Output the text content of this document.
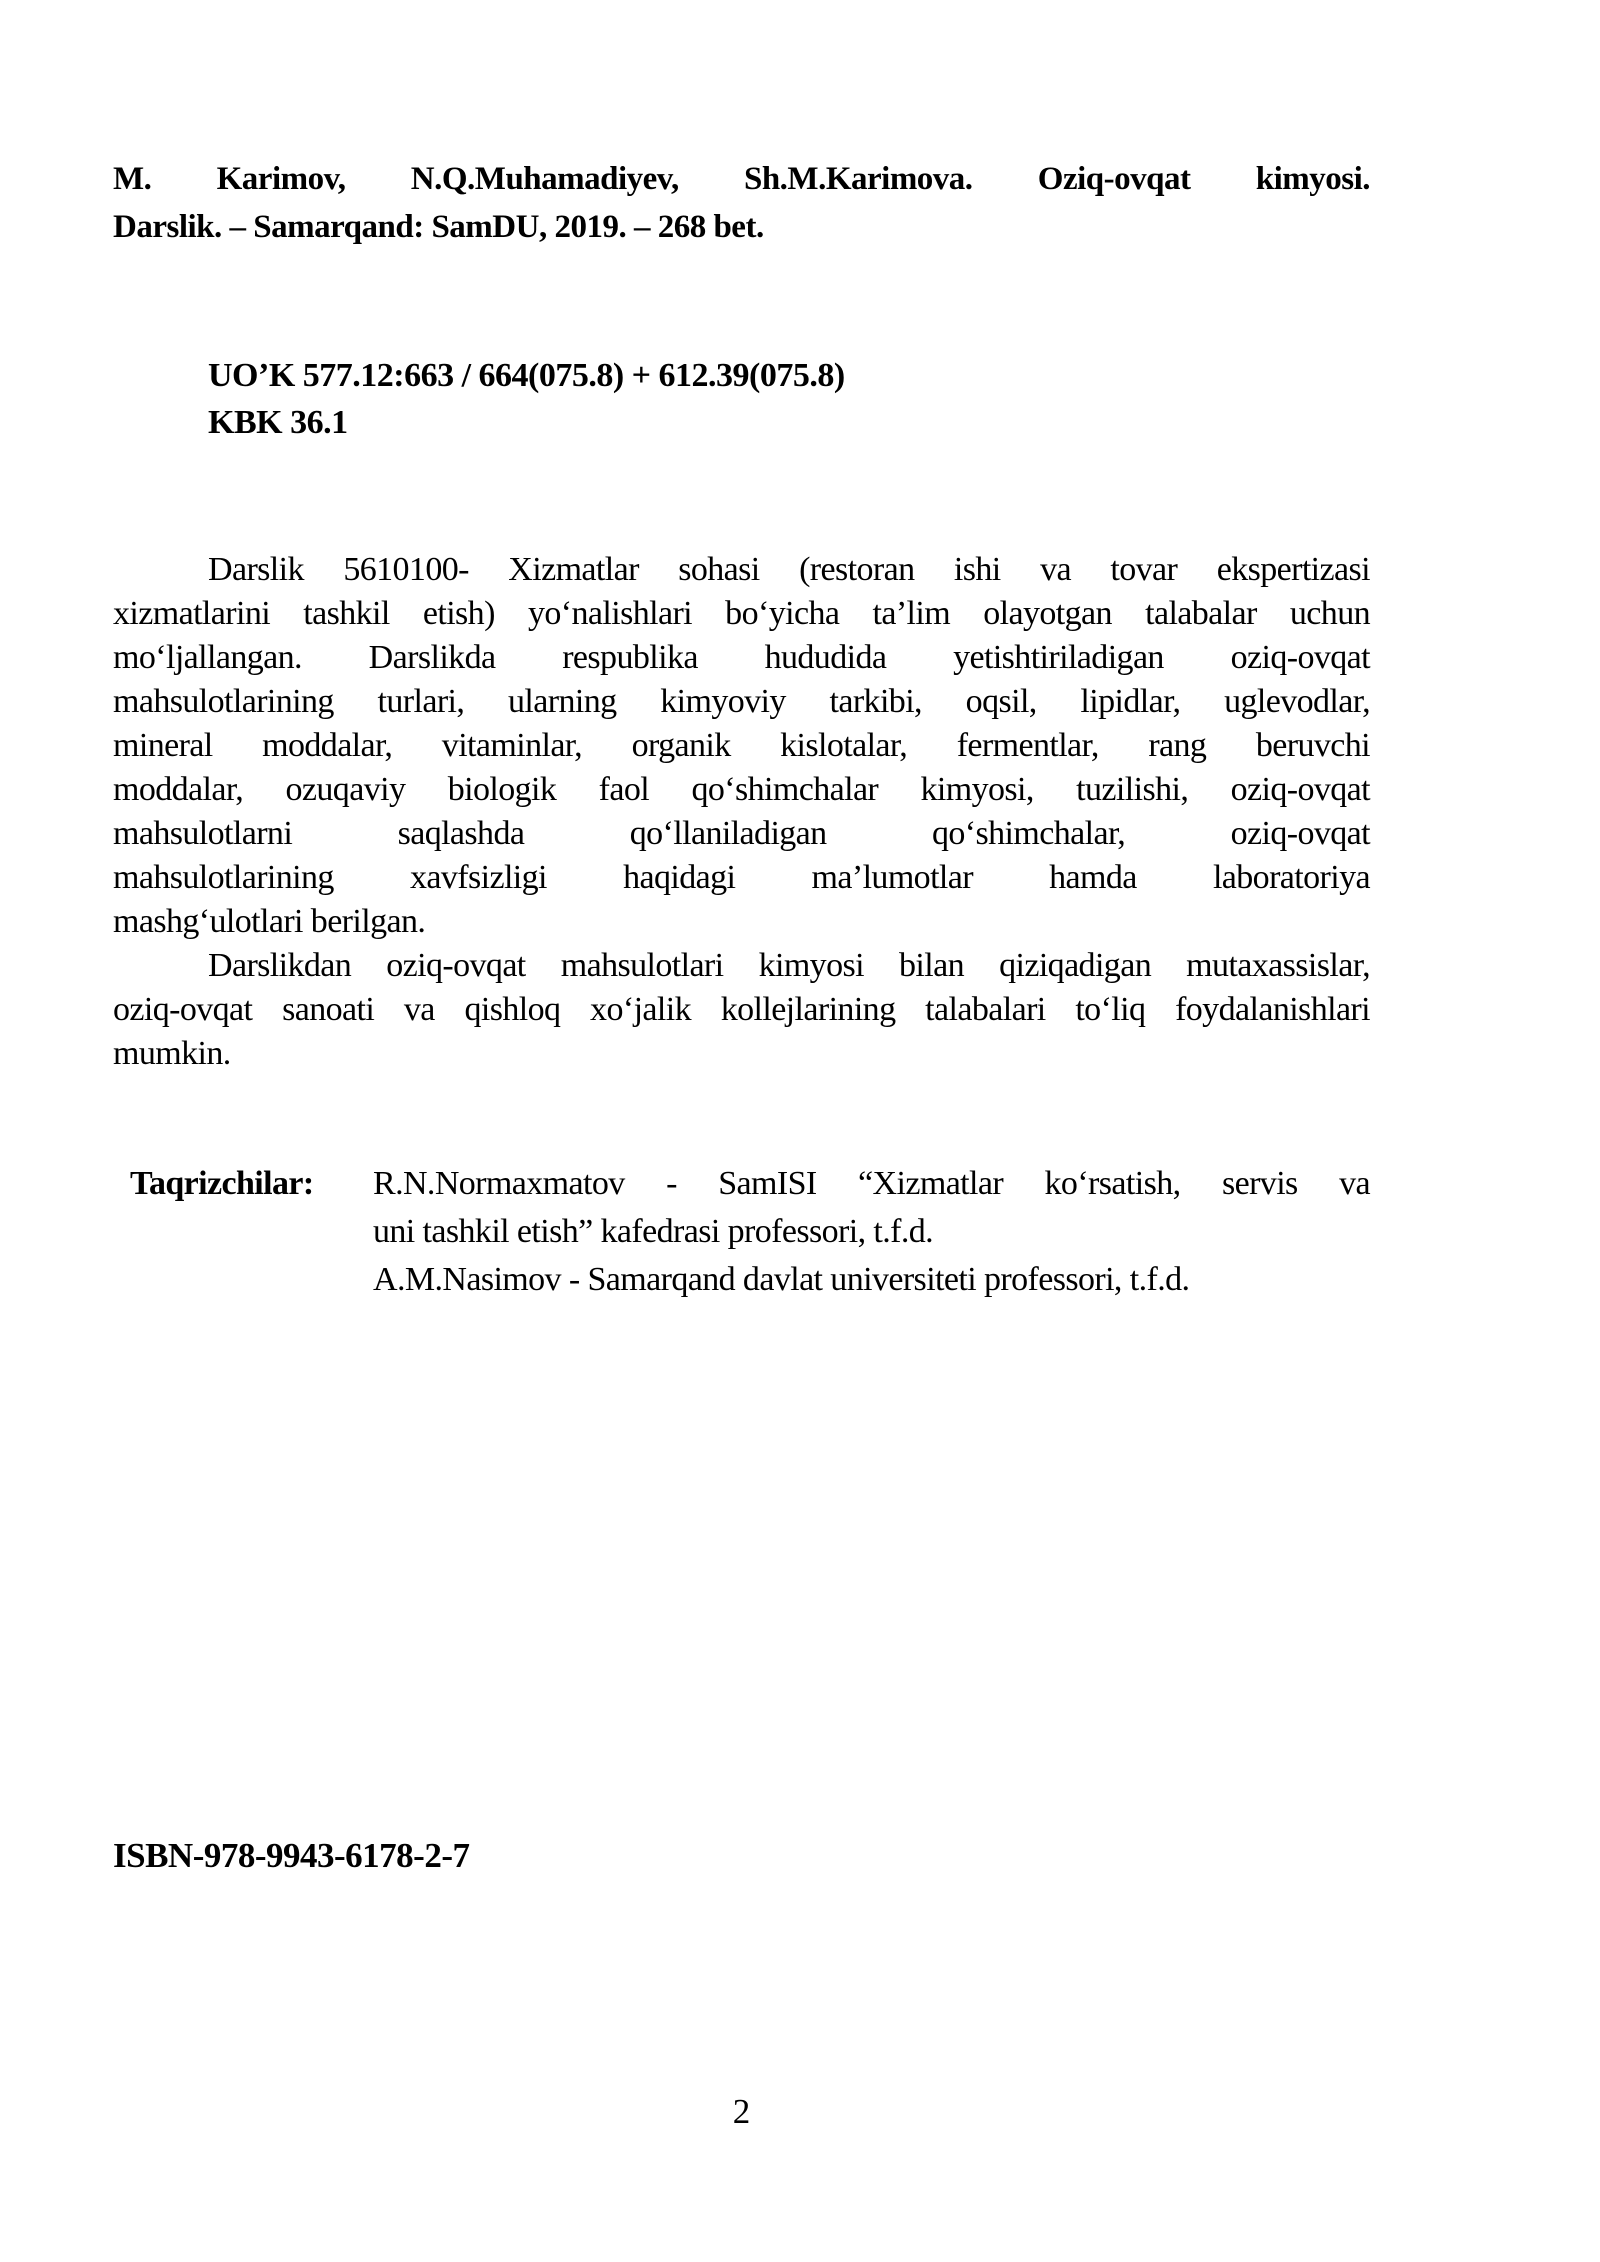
M. Karimov, N.Q.Muhamadiyev, Sh.M.Karimova. Oziq-ovqat kimyosi.
Darslik. – Samarqand: SamDU, 2019. – 268 bet.
UO’K 577.12:663 / 664(075.8) + 612.39(075.8)
KBK 36.1
Darslik 5610100- Xizmatlar sohasi (restoran ishi va tovar ekspertizasi
xizmatlarini tashkil etish) yo‘nalishlari bo‘yicha ta’lim olayotgan talabalar uchun
mo‘ljallangan. Darslikda respublika hududida yetishtiriladigan oziq-ovqat
mahsulotlarining turlari, ularning kimyoviy tarkibi, oqsil, lipidlar, uglevodlar,
mineral moddalar, vitaminlar, organik kislotalar, fermentlar, rang beruvchi
moddalar, ozuqaviy biologik faol qo‘shimchalar kimyosi, tuzilishi, oziq-ovqat
mahsulotlarni saqlashda qo‘llaniladigan qo‘shimchalar, oziq-ovqat
mahsulotlarining xavfsizligi haqidagi ma’lumotlar hamda laboratoriya
mashg‘ulotlari berilgan.
Darslikdan oziq-ovqat mahsulotlari kimyosi bilan qiziqadigan mutaxassislar,
oziq-ovqat sanoati va qishloq xo‘jalik kollejlarining talabalari to‘liq foydalanishlari
mumkin.
Taqrizchilar:	R.N.Normaxmatov - SamISI “Xizmatlar ko‘rsatish, servis va
uni tashkil etish” kafedrasi professori, t.f.d.
A.M.Nasimov - Samarqand davlat universiteti professori, t.f.d.
ISBN-978-9943-6178-2-7
2
